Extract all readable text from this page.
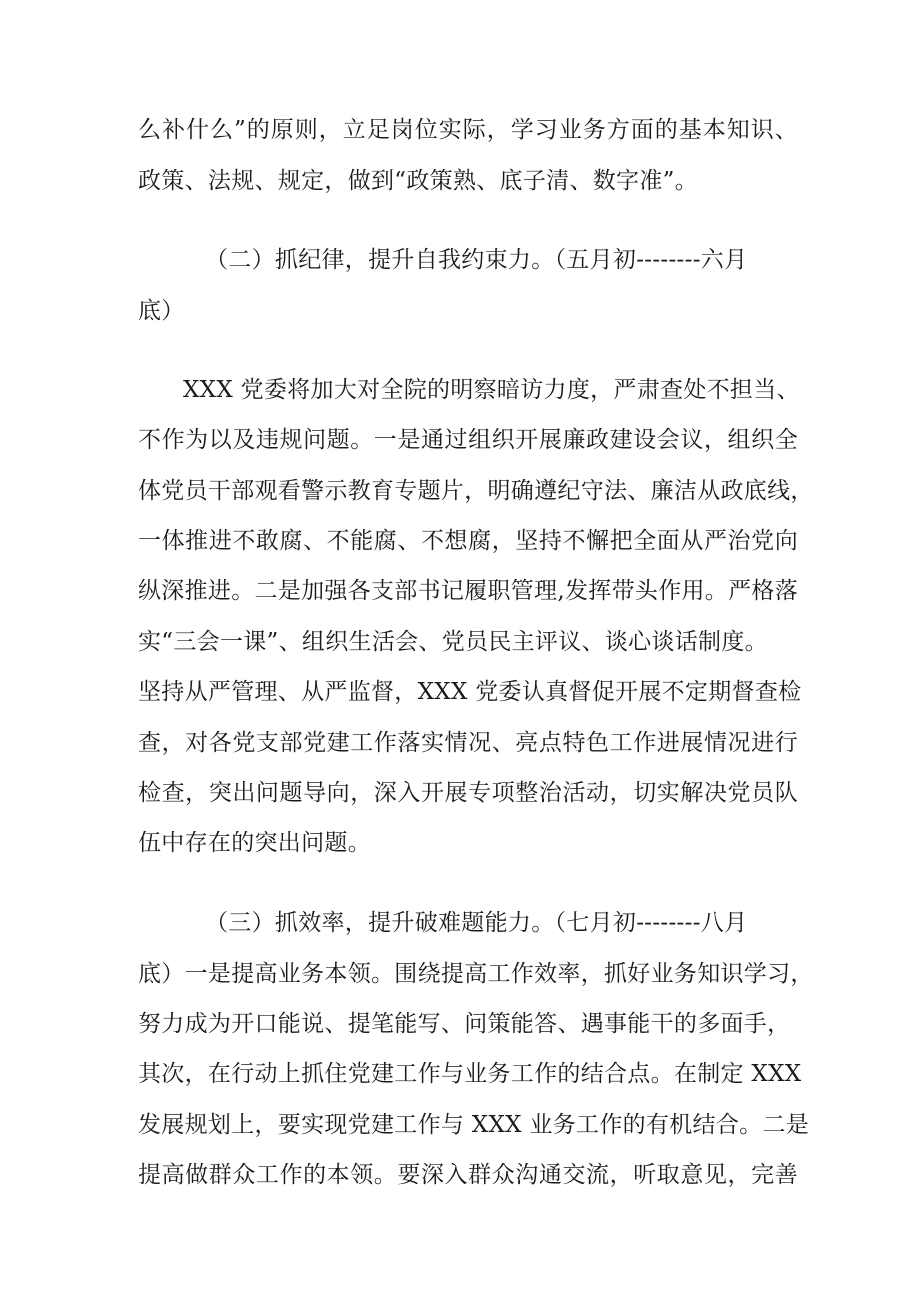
么补什么”的原则，立足岗位实际，学习业务方面的基本知识、
政策、法规、规定，做到“政策熟、底子清、数字准”。
（二）抓纪律，提升自我约束力。（五月初--------六月
底）
XXX 党委将加大对全院的明察暗访力度，严肃查处不担当、
不作为以及违规问题。一是通过组织开展廉政建设会议，组织全
体党员干部观看警示教育专题片，明确遵纪守法、廉洁从政底线，
一体推进不敢腐、不能腐、不想腐，坚持不懈把全面从严治党向
纵深推进。二是加强各支部书记履职管理,发挥带头作用。严格落
实“三会一课”、组织生活会、党员民主评议、谈心谈话制度。
坚持从严管理、从严监督，XXX 党委认真督促开展不定期督查检
查，对各党支部党建工作落实情况、亮点特色工作进展情况进行
检查，突出问题导向，深入开展专项整治活动，切实解决党员队
伍中存在的突出问题。
（三）抓效率，提升破难题能力。（七月初--------八月
底）一是提高业务本领。围绕提高工作效率，抓好业务知识学习，
努力成为开口能说、提笔能写、问策能答、遇事能干的多面手，
其次，在行动上抓住党建工作与业务工作的结合点。在制定 XXX
发展规划上，要实现党建工作与 XXX 业务工作的有机结合。二是
提高做群众工作的本领。要深入群众沟通交流，听取意见，完善
